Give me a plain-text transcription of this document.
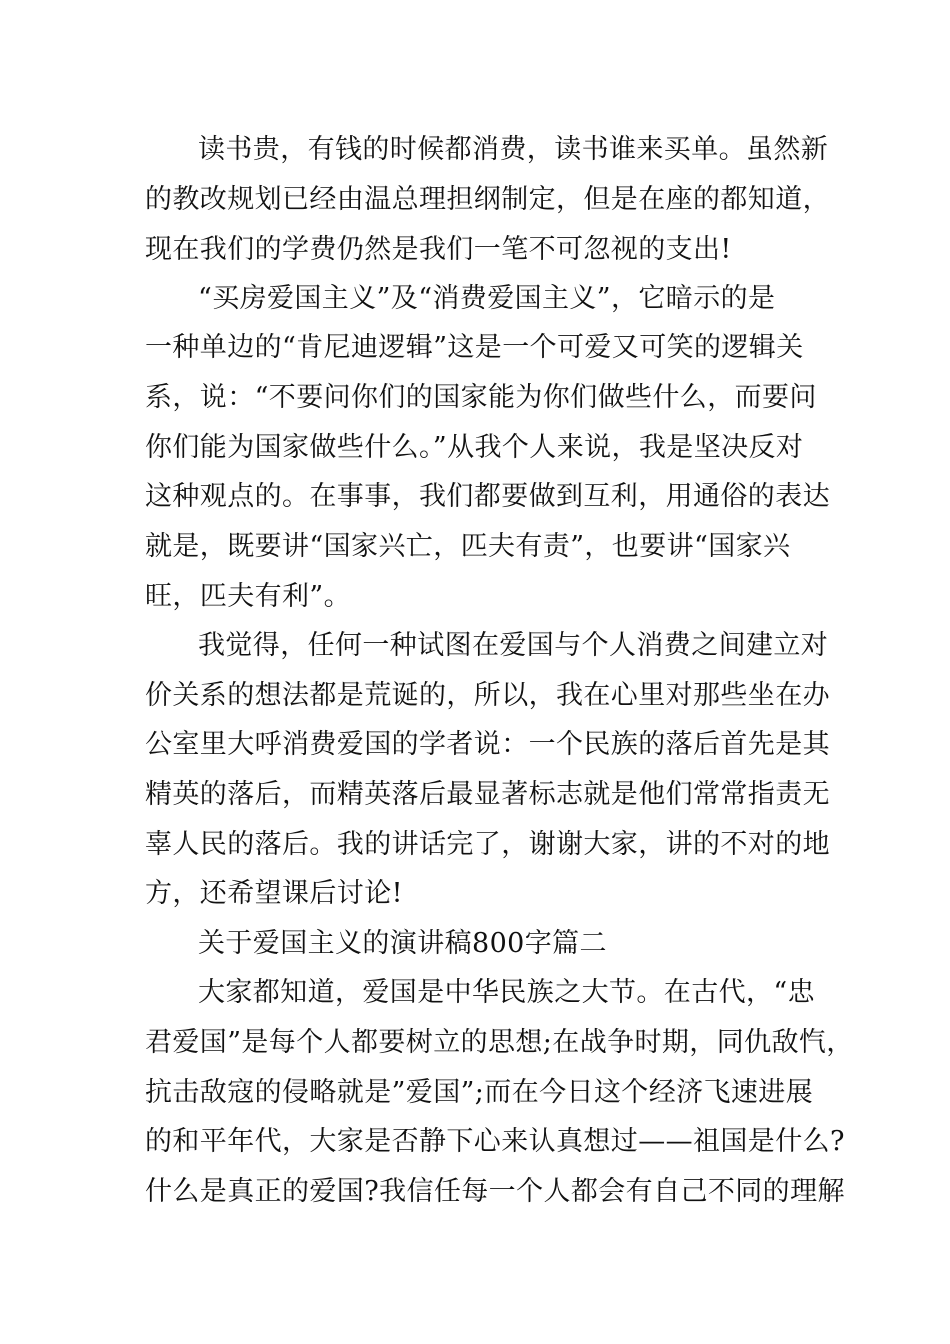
读书贵，有钱的时候都消费，读书谁来买单。虽然新
的教改规划已经由温总理担纲制定，但是在座的都知道，
现在我们的学费仍然是我们一笔不可忽视的支出!
“买房爱国主义”及“消费爱国主义”，它暗示的是
一种单边的“肯尼迪逻辑”这是一个可爱又可笑的逻辑关
系，说：“不要问你们的国家能为你们做些什么，而要问
你们能为国家做些什么。”从我个人来说，我是坚决反对
这种观点的。在事事，我们都要做到互利，用通俗的表达
就是，既要讲“国家兴亡，匹夫有责”，也要讲“国家兴
旺，匹夫有利”。
我觉得，任何一种试图在爱国与个人消费之间建立对
价关系的想法都是荒诞的，所以，我在心里对那些坐在办
公室里大呼消费爱国的学者说：一个民族的落后首先是其
精英的落后，而精英落后最显著标志就是他们常常指责无
辜人民的落后。我的讲话完了，谢谢大家，讲的不对的地
方，还希望课后讨论!
关于爱国主义的演讲稿800字篇二
大家都知道，爱国是中华民族之大节。在古代，“忠
君爱国”是每个人都要树立的思想;在战争时期，同仇敌忾，
抗击敌寇的侵略就是”爱国”;而在今日这个经济飞速进展
的和平年代，大家是否静下心来认真想过——祖国是什么?
什么是真正的爱国?我信任每一个人都会有自己不同的理解
